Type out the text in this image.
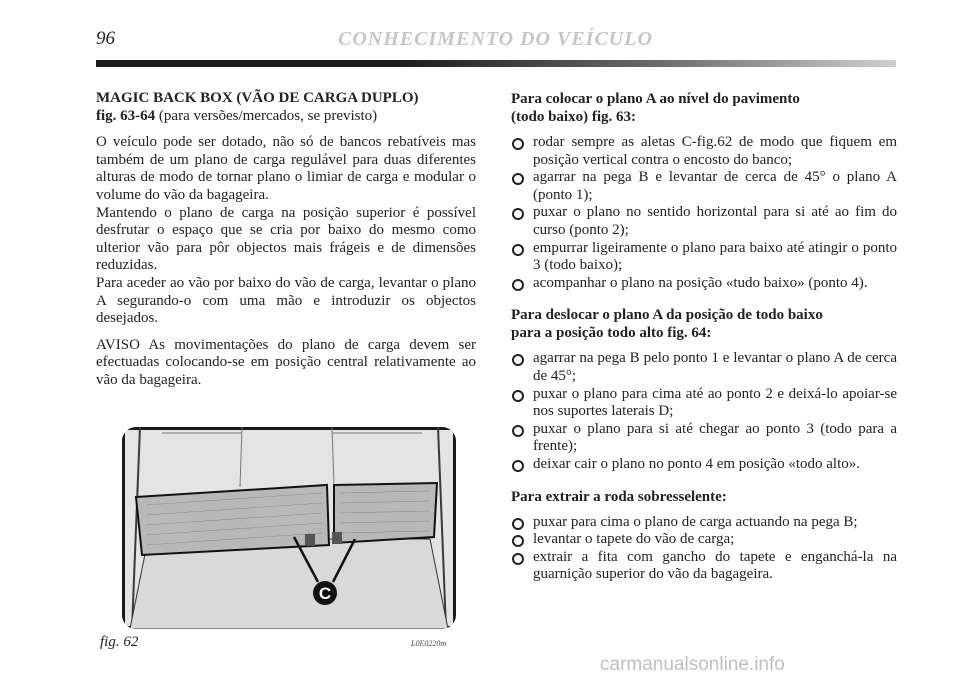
96	CONHECIMENTO DO VEÍCULO

MAGIC BACK BOX (VÃO DE CARGA DUPLO)
fig. 63-64 (para versões/mercados, se previsto)

O veículo pode ser dotado, não só de bancos rebatíveis mas também de um plano de carga regulável para duas diferentes alturas de modo de tornar plano o limiar de carga e modular o volume do vão da bagageira.

Mantendo o plano de carga na posição superior é possível desfrutar o espaço que se cria por baixo do mesmo como ulterior vão para pôr objectos mais frágeis e de dimensões reduzidas.

Para aceder ao vão por baixo do vão de carga, levantar o plano A segurando-o com uma mão e introduzir os objectos desejados.

AVISO As movimentações do plano de carga devem ser efectuadas colocando-se em posição central relativamente ao vão da bagageira.

C
fig. 62	L0E0220m
Para colocar o plano A ao nível do pavimento
(todo baixo) fig. 63:
rodar sempre as aletas C-fig.62 de modo que fiquem em posição vertical contra o encosto do banco;
agarrar na pega B e levantar de cerca de 45° o plano A (ponto 1);
puxar o plano no sentido horizontal para si até ao fim do curso (ponto 2);
empurrar ligeiramente o plano para baixo até atingir o ponto 3 (todo baixo);
acompanhar o plano na posição «tudo baixo» (ponto 4).
Para deslocar o plano A da posição de todo baixo
para a posição todo alto fig. 64:
agarrar na pega B pelo ponto 1 e levantar o plano A de cerca de 45°;
puxar o plano para cima até ao ponto 2 e deixá-lo apoiar-se nos suportes laterais D;
puxar o plano para si até chegar ao ponto 3 (todo para a frente);
deixar cair o plano no ponto 4 em posição «todo alto».
Para extrair a roda sobresselente:
puxar para cima o plano de carga actuando na pega B;
levantar o tapete do vão de carga;
extrair a fita com gancho do tapete e enganchá-la na guarnição superior do vão da bagageira.
carmanualsonline.info
